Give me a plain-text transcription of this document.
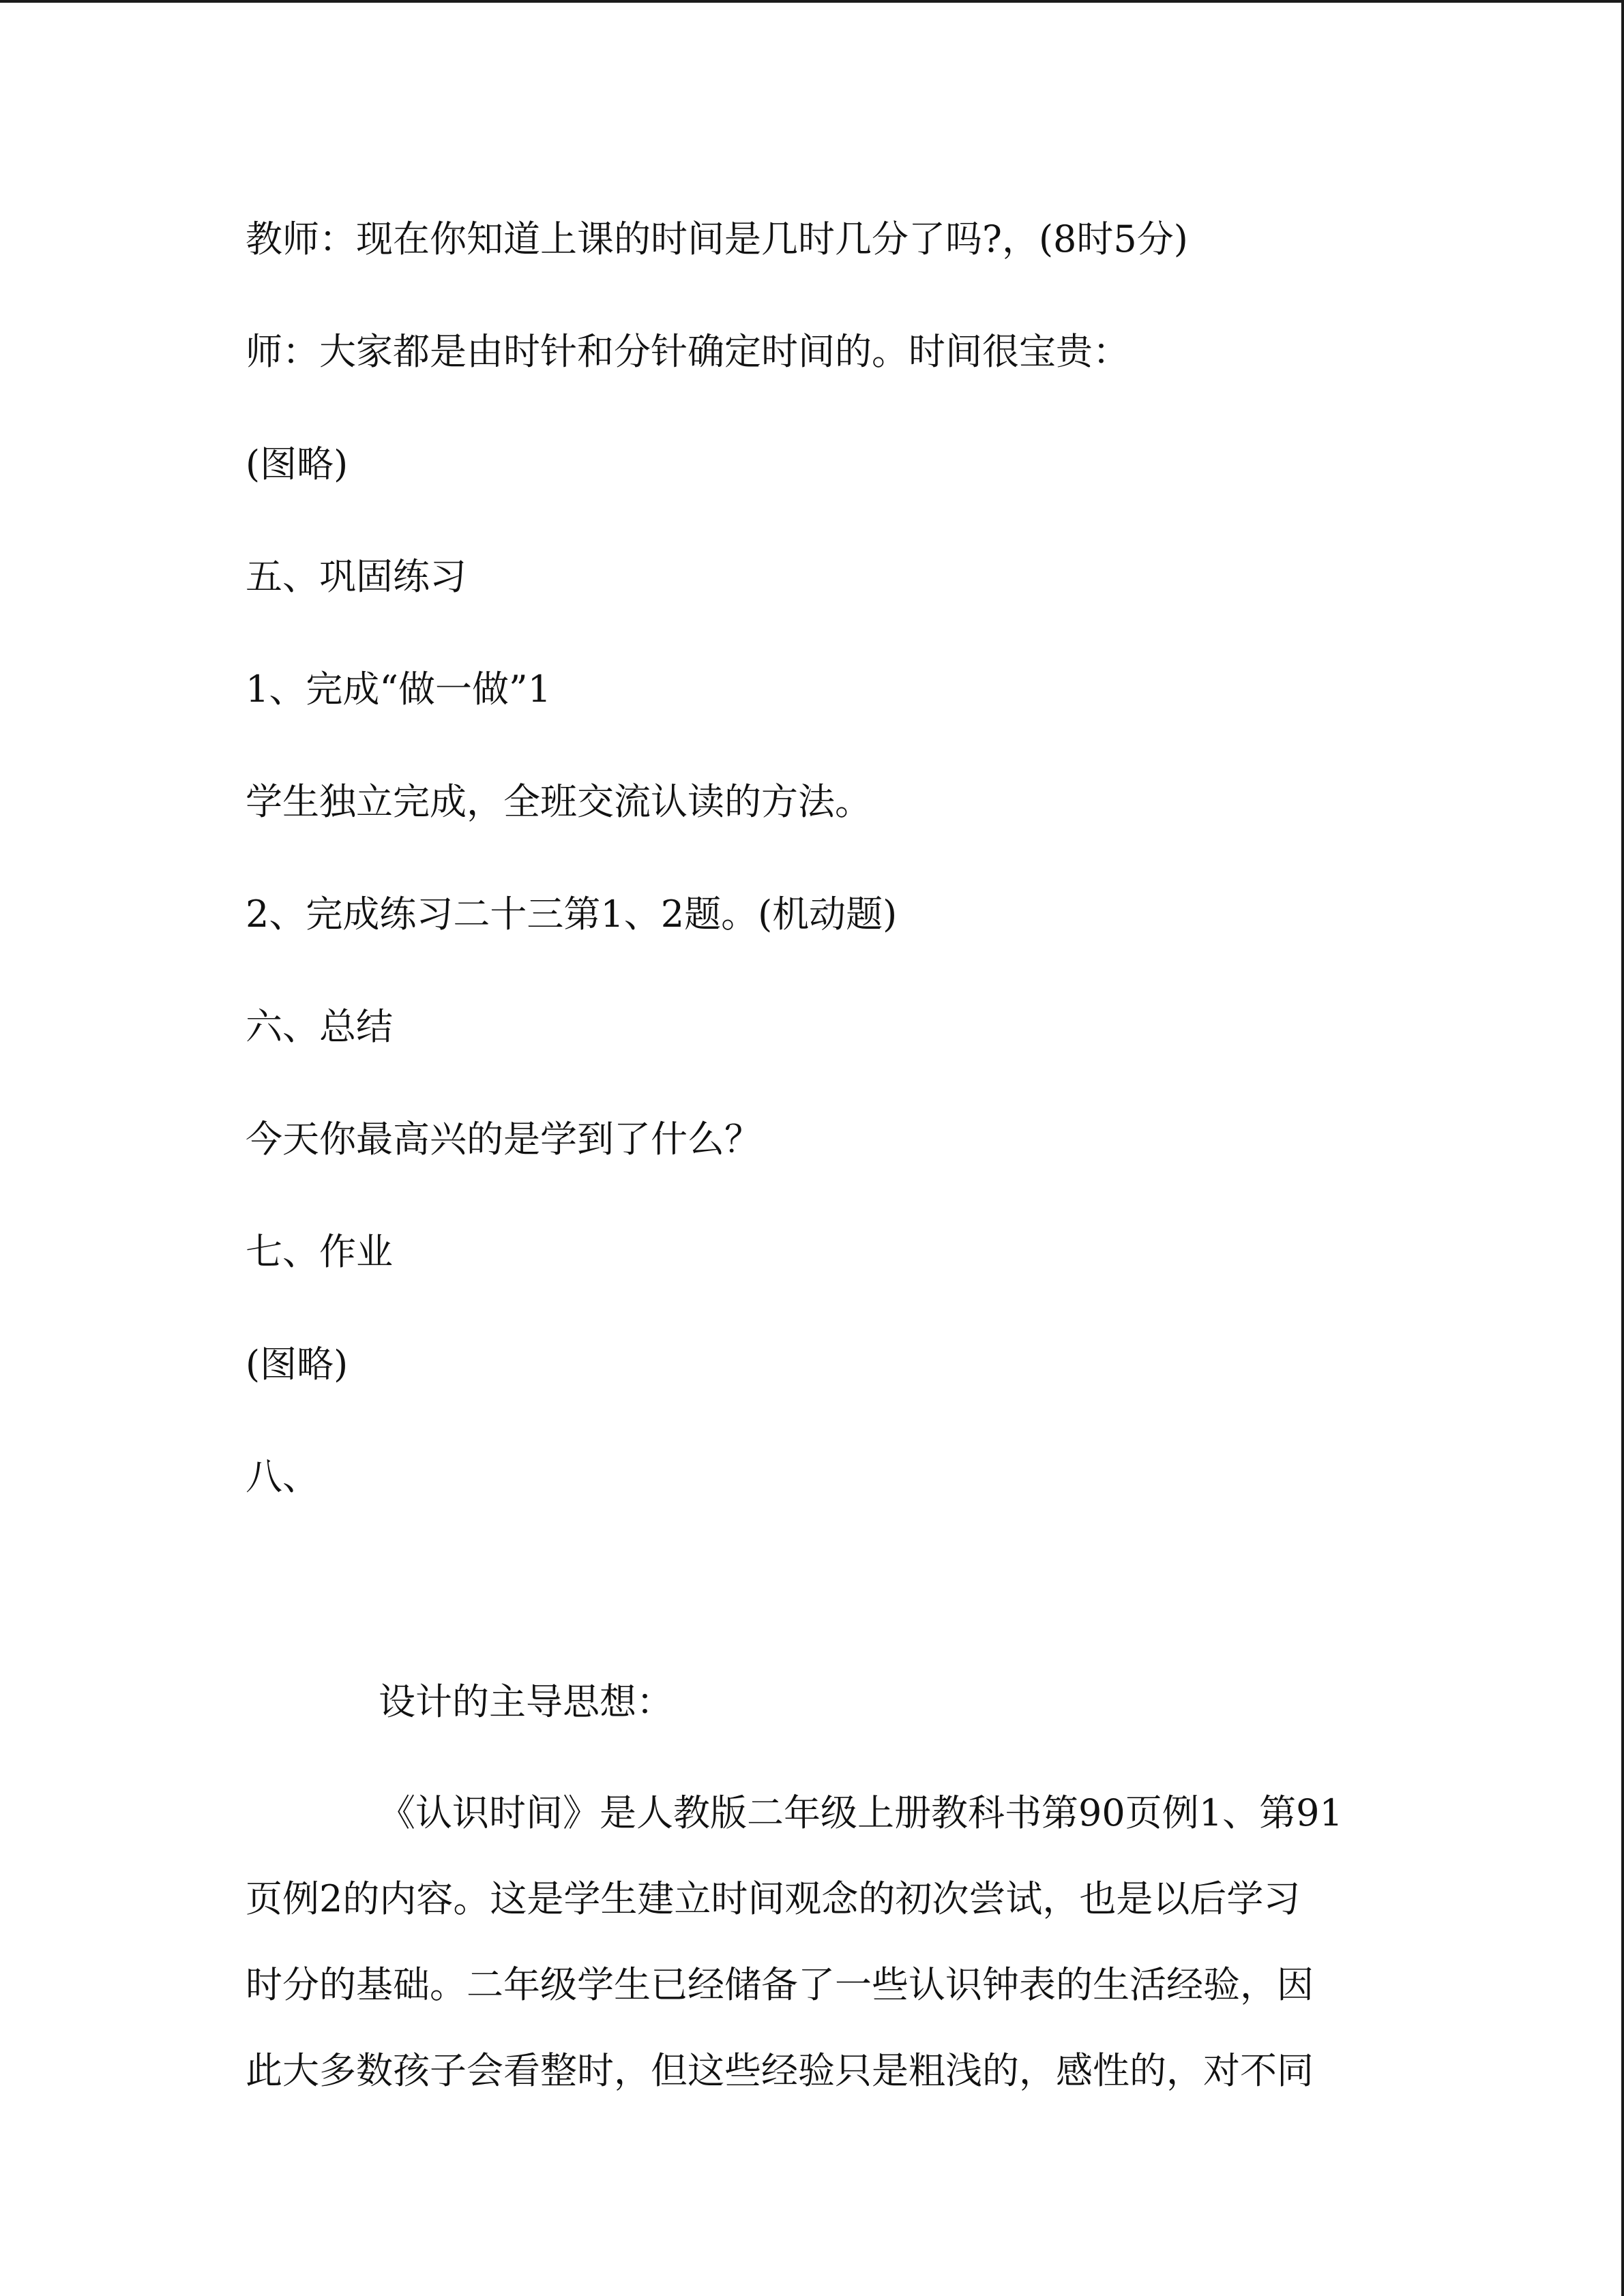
教师：现在你知道上课的时间是几时几分了吗?，(8时5分)
师：大家都是由时针和分针确定时间的。时间很宝贵：
(图略)
五、巩固练习
1、完成“做一做”1
学生独立完成，全班交流认读的方法。
2、完成练习二十三第1、2题。(机动题)
六、总结
今天你最高兴的是学到了什么？
七、作业
(图略)
八、
设计的主导思想：
《认识时间》是人教版二年级上册教科书第90页例1、第91
页例2的内容。这是学生建立时间观念的初次尝试，也是以后学习
时分的基础。二年级学生已经储备了一些认识钟表的生活经验，因
此大多数孩子会看整时，但这些经验只是粗浅的，感性的，对不同
